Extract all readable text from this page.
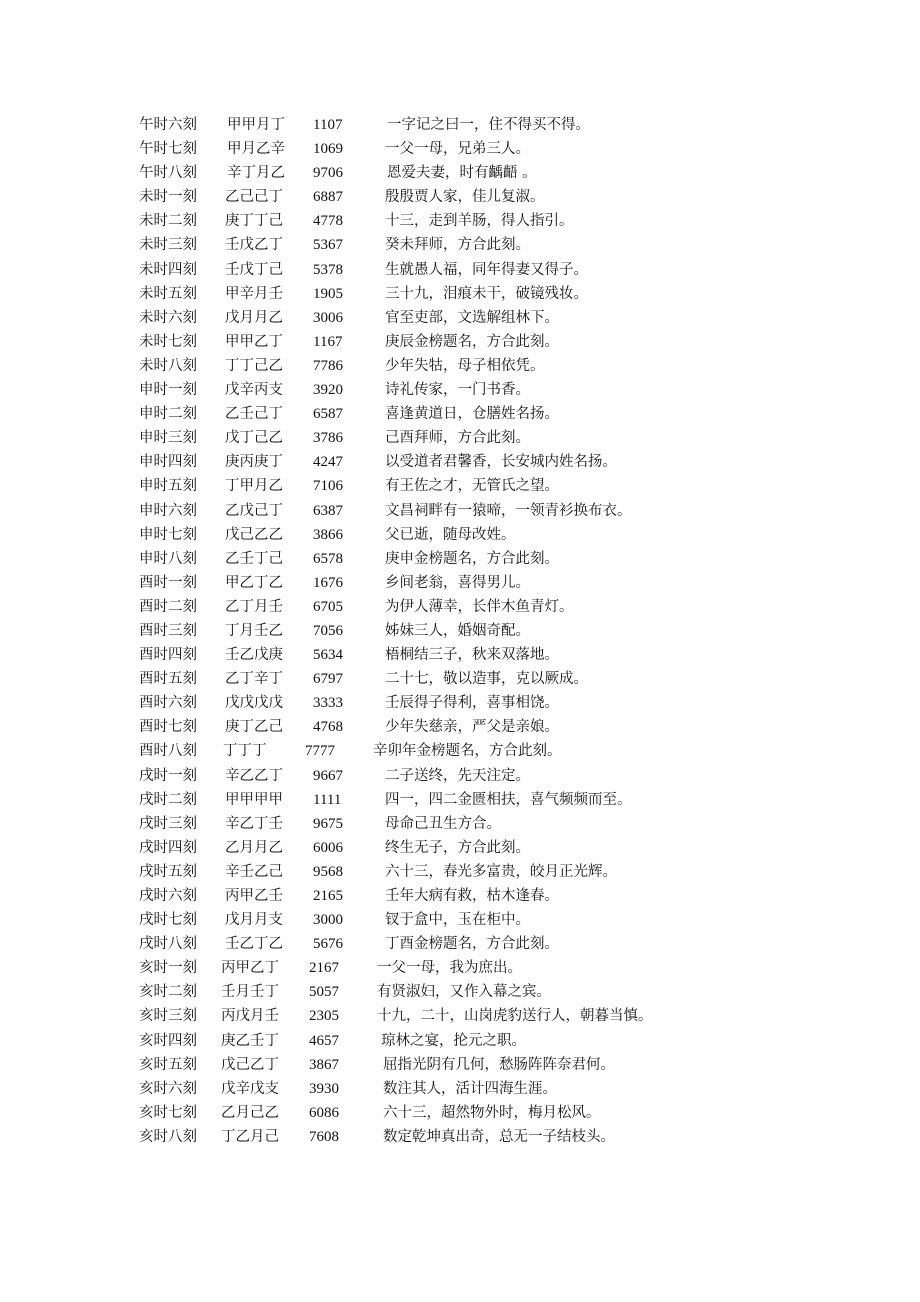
午时六刻 甲甲月丁 1107	一字记之曰一，住不得买不得。
午时七刻 甲月乙辛 1069	一父一母，兄弟三人。
午时八刻 辛丁月乙 9706	恩爱夫妻，时有齲齬 。
未时一刻 乙己己丁 6887	殷殷贾人家，佳儿复淑。
未时二刻 庚丁丁己 4778	十三，走到羊肠，得人指引。
未时三刻 壬戊乙丁 5367	癸未拜师，方合此刻。
未时四刻 壬戊丁己 5378	生就愚人福，同年得妻又得子。
未时五刻 甲辛月壬 1905	三十九，泪痕未干，破镜残妆。
未时六刻 戊月月乙 3006	官至吏部，文选解组林下。
未时七刻 甲甲乙丁 1167	庚辰金榜题名，方合此刻。
未时八刻 丁丁己乙 7786	少年失牯，母子相依凭。
申时一刻 戊辛丙支 3920	诗礼传家，一门书香。
申时二刻 乙壬己丁 6587	喜逢黄道日，仓膳姓名扬。
申时三刻 戊丁己乙 3786	己酉拜师，方合此刻。
申时四刻 庚丙庚丁 4247	以受道者君馨香，长安城内姓名扬。
申时五刻 丁甲月乙 7106	有王佐之才，无管氏之望。
申时六刻 乙戊己丁 6387	文昌祠畔有一猿啼，一领青衫换布衣。
申时七刻 戊己乙乙 3866	父已逝，随母改姓。
申时八刻 乙壬丁己 6578	庚申金榜题名，方合此刻。
酉时一刻 甲乙丁乙 1676	乡间老翁，喜得男儿。
酉时二刻 乙丁月壬 6705	为伊人薄幸，长伴木鱼青灯。
酉时三刻 丁月壬乙 7056	姊妹三人，婚姻奇配。
酉时四刻 壬乙戊庚 5634	梧桐结三子，秋来双落地。
酉时五刻 乙丁辛丁 6797	二十七，敬以造事，克以厥成。
酉时六刻 戊戊戊戊 3333	壬辰得子得利，喜事相饶。
酉时七刻 庚丁乙己 4768	少年失慈亲，严父是亲娘。
酉时八刻 丁丁丁	7777	辛卯年金榜题名，方合此刻。
戌时一刻 辛乙乙丁 9667	二子送终，先天注定。
戌时二刻 甲甲甲甲 1111	四一，四二金匮相扶，喜气频频而至。
戌时三刻 辛乙丁壬 9675	母命己丑生方合。
戌时四刻 乙月月乙 6006	终生无子，方合此刻。
戌时五刻 辛壬乙己 9568	六十三，春光多富贵，皎月正光辉。
戌时六刻 丙甲乙壬 2165	壬年大病有救，枯木逢春。
戌时七刻 戊月月支 3000	钗于盒中，玉在柜中。
戌时八刻 壬乙丁乙 5676	丁酉金榜题名，方合此刻。
亥时一刻 丙甲乙丁 2167	一父一母，我为庶出。
亥时二刻 壬月壬丁 5057	有贤淑妇，又作入幕之宾。
亥时三刻 丙戊月壬 2305	十九，二十，山岗虎豹送行人，朝暮当慎。
亥时四刻 庚乙壬丁 4657	琼林之宴，抡元之职。
亥时五刻 戊己乙丁 3867	屈指光阴有几何，愁肠阵阵奈君何。
亥时六刻 戊辛戊支 3930	数注其人，活计四海生涯。
亥时七刻 乙月己乙 6086	六十三，超然物外时，梅月松风。
亥时八刻 丁乙月己 7608	数定乾坤真出奇，总无一子结枝头。
